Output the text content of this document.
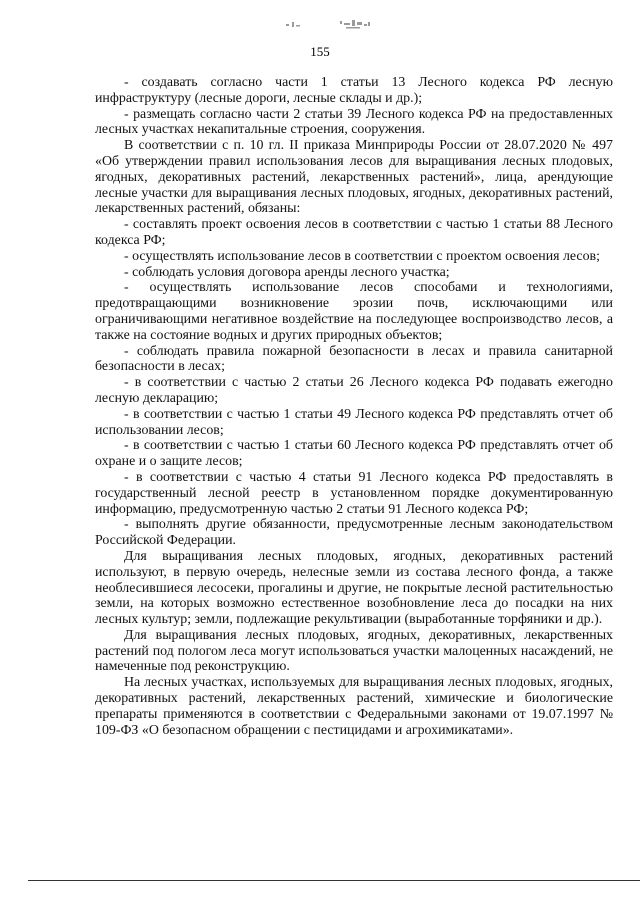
155

- создавать согласно части 1 статьи 13 Лесного кодекса РФ лесную инфраструктуру (лесные дороги, лесные склады и др.);

- размещать согласно части 2 статьи 39 Лесного кодекса РФ на предоставленных лесных участках некапитальные строения, сооружения.

В соответствии с п. 10 гл. II приказа Минприроды России от 28.07.2020 № 497 «Об утверждении правил использования лесов для выращивания лесных плодовых, ягодных, декоративных растений, лекарственных растений», лица, арендующие лесные участки для выращивания лесных плодовых, ягодных, декоративных растений, лекарственных растений, обязаны:

- составлять проект освоения лесов в соответствии с частью 1 статьи 88 Лесного кодекса РФ;

- осуществлять использование лесов в соответствии с проектом освоения лесов;

- соблюдать условия договора аренды лесного участка;

- осуществлять использование лесов способами и технологиями, предотвращающими возникновение эрозии почв, исключающими или ограничивающими негативное воздействие на последующее воспроизводство лесов, а также на состояние водных и других природных объектов;

- соблюдать правила пожарной безопасности в лесах и правила санитарной безопасности в лесах;

- в соответствии с частью 2 статьи 26 Лесного кодекса РФ подавать ежегодно лесную декларацию;

- в соответствии с частью 1 статьи 49 Лесного кодекса РФ представлять отчет об использовании лесов;

- в соответствии с частью 1 статьи 60 Лесного кодекса РФ представлять отчет об охране и о защите лесов;

- в соответствии с частью 4 статьи 91 Лесного кодекса РФ предоставлять в государственный лесной реестр в установленном порядке документированную информацию, предусмотренную частью 2 статьи 91 Лесного кодекса РФ;

- выполнять другие обязанности, предусмотренные лесным законодательством Российской Федерации.

Для выращивания лесных плодовых, ягодных, декоративных растений используют, в первую очередь, нелесные земли из состава лесного фонда, а также необлесившиеся лесосеки, прогалины и другие, не покрытые лесной растительностью земли, на которых возможно естественное возобновление леса до посадки на них лесных культур; земли, подлежащие рекультивации (выработанные торфяники и др.).

Для выращивания лесных плодовых, ягодных, декоративных, лекарственных растений под пологом леса могут использоваться участки малоценных насаждений, не намеченные под реконструкцию.

На лесных участках, используемых для выращивания лесных плодовых, ягодных, декоративных растений, лекарственных растений, химические и биологические препараты применяются в соответствии с Федеральными законами от 19.07.1997 № 109-ФЗ «О безопасном обращении с пестицидами и агрохимикатами».
